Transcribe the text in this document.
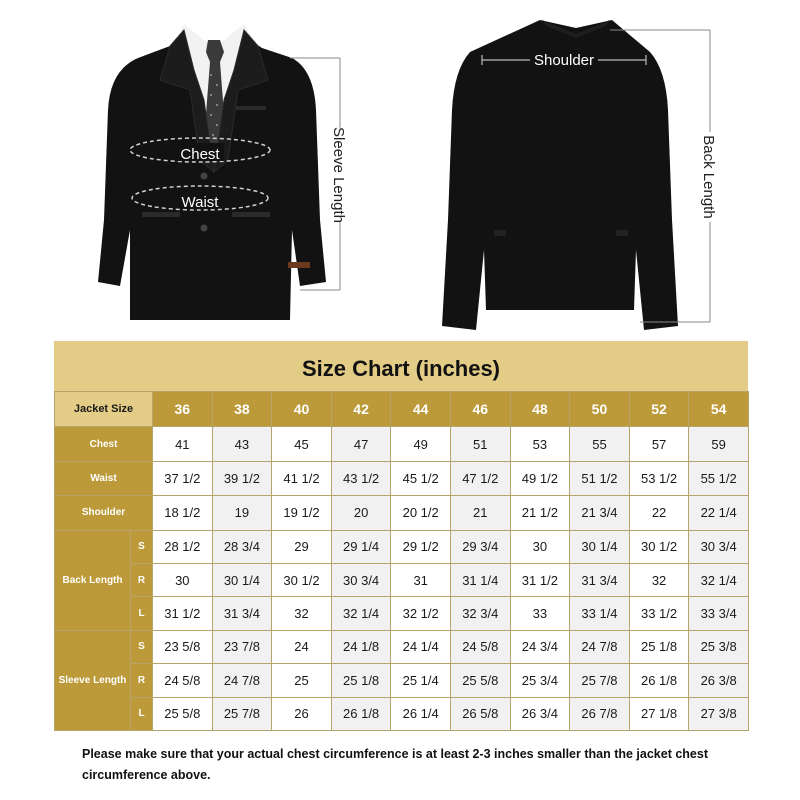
Chest
Waist	Sleeve Length
Shoulder
Back Length
Size Chart (inches)
Jacket Size		36	38	40	42	44	46	48	50	52	54
Chest		41	43	45	47	49	51	53	55	57	59
Waist		37 1/2	39 1/2	41 1/2	43 1/2	45 1/2	47 1/2	49 1/2	51 1/2	53 1/2	55 1/2
Shoulder		18 1/2	19	19 1/2	20	20 1/2	21	21 1/2	21 3/4	22	22 1/4
Back Length	S	28 1/2	28 3/4	29	29 1/4	29 1/2	29 3/4	30	30 1/4	30 1/2	30 3/4
	R	30	30 1/4	30 1/2	30 3/4	31	31 1/4	31 1/2	31 3/4	32	32 1/4
	L	31 1/2	31 3/4	32	32 1/4	32 1/2	32 3/4	33	33 1/4	33 1/2	33 3/4
Sleeve Length	S	23 5/8	23 7/8	24	24 1/8	24 1/4	24 5/8	24 3/4	24 7/8	25 1/8	25 3/8
	R	24 5/8	24 7/8	25	25 1/8	25 1/4	25 5/8	25 3/4	25 7/8	26 1/8	26 3/8
	L	25 5/8	25 7/8	26	26 1/8	26 1/4	26 5/8	26 3/4	26 7/8	27 1/8	27 3/8
Please make sure that your actual chest circumference is at least 2-3 inches smaller than the jacket chest circumference above.
